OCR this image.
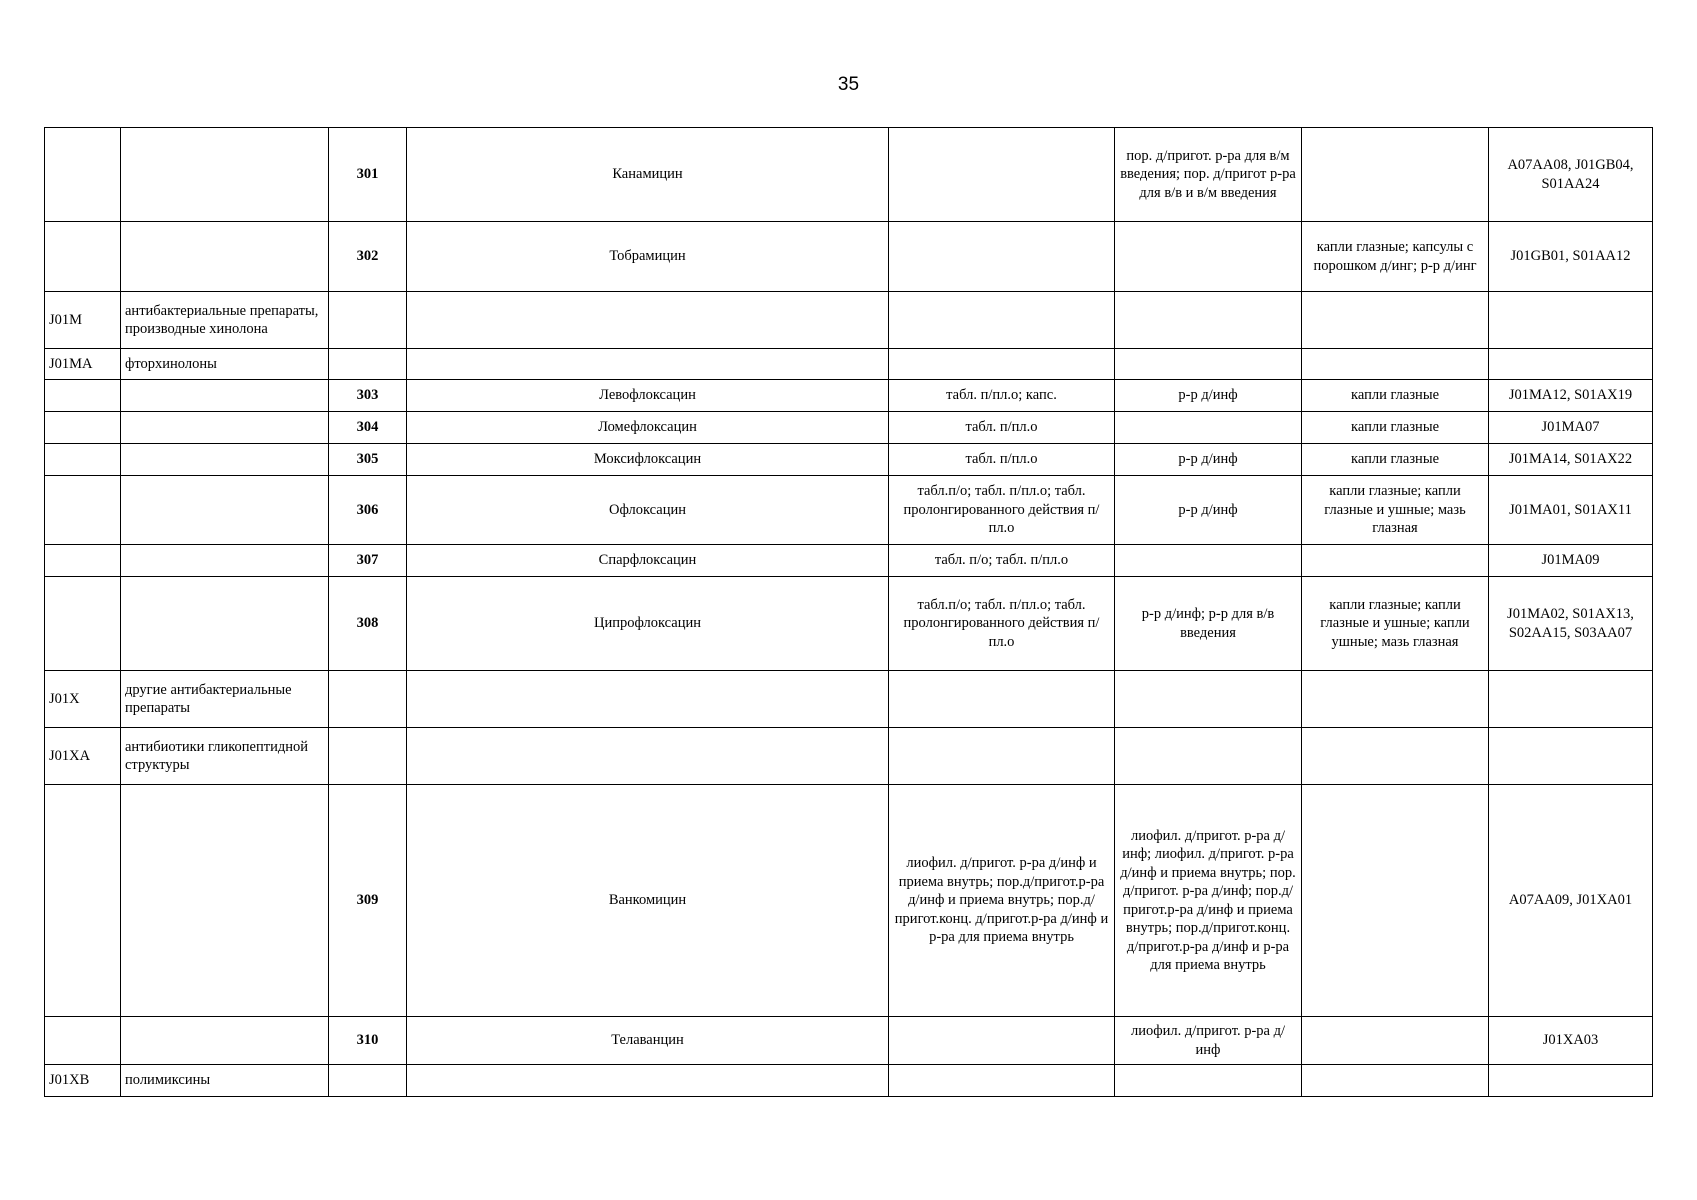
35
		301	Канамицин		пор. д/пригот. р-ра для в/м введения; пор. д/пригот р-ра для в/в и в/м введения		A07AA08, J01GB04, S01AA24
		302	Тобрамицин			капли глазные; капсулы с порошком д/инг; р-р д/инг	J01GB01, S01AA12
J01M	антибактериальные препараты, производные хинолона						
J01MA	фторхинолоны						
		303	Левофлоксацин	табл. п/пл.о; капс.	р-р д/инф	капли глазные	J01MA12, S01AX19
		304	Ломефлоксацин	табл. п/пл.о		капли глазные	J01MA07
		305	Моксифлоксацин	табл. п/пл.о	р-р д/инф	капли глазные	J01MA14, S01AX22
		306	Офлоксацин	табл.п/о; табл. п/пл.о; табл. пролонгированного действия п/пл.о	р-р д/инф	капли глазные; капли глазные и ушные; мазь глазная	J01MA01, S01AX11
		307	Спарфлоксацин	табл. п/о; табл. п/пл.о			J01MA09
		308	Ципрофлоксацин	табл.п/о; табл. п/пл.о; табл. пролонгированного действия п/пл.о	р-р д/инф; р-р для в/в введения	капли глазные; капли глазные и ушные; капли ушные; мазь глазная	J01MA02, S01AX13, S02AA15, S03AA07
J01X	другие антибактериальные препараты						
J01XA	антибиотики гликопептидной структуры						
		309	Ванкомицин	лиофил. д/пригот. р-ра д/инф и приема внутрь; пор.д/пригот.р-ра д/инф и приема внутрь; пор.д/пригот.конц. д/пригот.р-ра д/инф и р-ра для приема внутрь	лиофил. д/пригот. р-ра д/инф; лиофил. д/пригот. р-ра д/инф и приема внутрь; пор. д/пригот. р-ра д/инф; пор.д/пригот.р-ра д/инф и приема внутрь; пор.д/пригот.конц. д/пригот.р-ра д/инф и р-ра для приема внутрь		A07AA09, J01XA01
		310	Телаванцин		лиофил. д/пригот. р-ра д/инф		J01XA03
J01XB	полимиксины						
